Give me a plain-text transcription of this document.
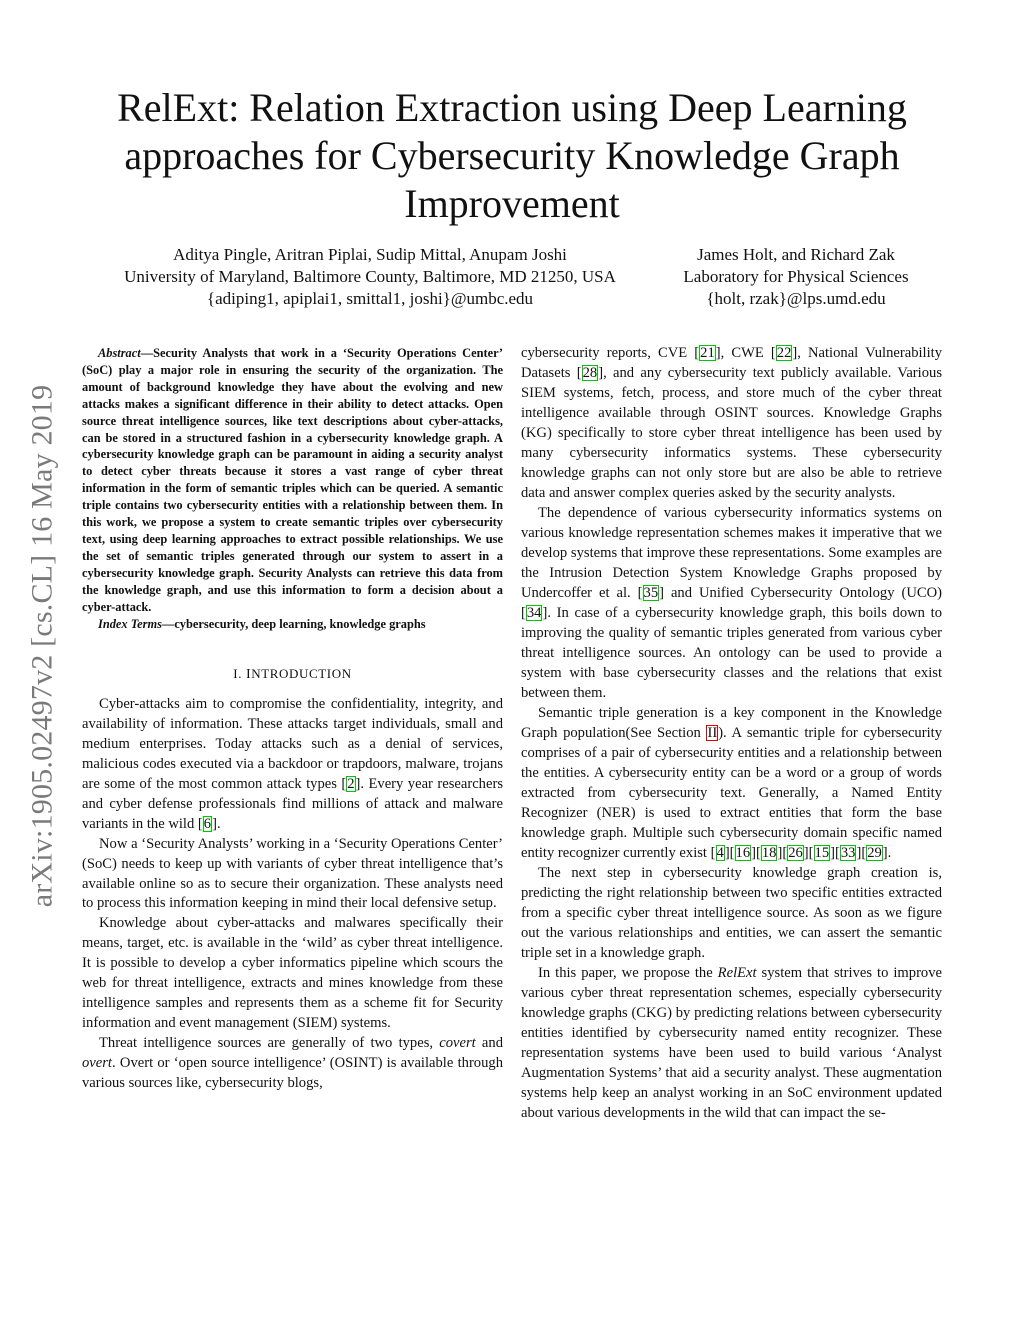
arXiv:1905.02497v2 [cs.CL] 16 May 2019
RelExt: Relation Extraction using Deep Learning approaches for Cybersecurity Knowledge Graph Improvement
Aditya Pingle, Aritran Piplai, Sudip Mittal, Anupam Joshi
University of Maryland, Baltimore County, Baltimore, MD 21250, USA
{adiping1, apiplai1, smittal1, joshi}@umbc.edu
James Holt, and Richard Zak
Laboratory for Physical Sciences
{holt, rzak}@lps.umd.edu

Abstract—Security Analysts that work in a ‘Security Operations Center’ (SoC) play a major role in ensuring the security of the organization. The amount of background knowledge they have about the evolving and new attacks makes a significant difference in their ability to detect attacks. Open source threat intelligence sources, like text descriptions about cyber-attacks, can be stored in a structured fashion in a cybersecurity knowledge graph. A cybersecurity knowledge graph can be paramount in aiding a security analyst to detect cyber threats because it stores a vast range of cyber threat information in the form of semantic triples which can be queried. A semantic triple contains two cybersecurity entities with a relationship between them. In this work, we propose a system to create semantic triples over cybersecurity text, using deep learning approaches to extract possible relationships. We use the set of semantic triples generated through our system to assert in a cybersecurity knowledge graph. Security Analysts can retrieve this data from the knowledge graph, and use this information to form a decision about a cyber-attack.

Index Terms—cybersecurity, deep learning, knowledge graphs

I. INTRODUCTION

Cyber-attacks aim to compromise the confidentiality, integrity, and availability of information. These attacks target individuals, small and medium enterprises. Today attacks such as a denial of services, malicious codes executed via a backdoor or trapdoors, malware, trojans are some of the most common attack types [2]. Every year researchers and cyber defense professionals find millions of attack and malware variants in the wild [6].

Now a ‘Security Analysts’ working in a ‘Security Operations Center’ (SoC) needs to keep up with variants of cyber threat intelligence that’s available online so as to secure their organization. These analysts need to process this information keeping in mind their local defensive setup.

Knowledge about cyber-attacks and malwares specifically their means, target, etc. is available in the ‘wild’ as cyber threat intelligence. It is possible to develop a cyber informatics pipeline which scours the web for threat intelligence, extracts and mines knowledge from these intelligence samples and represents them as a scheme fit for Security information and event management (SIEM) systems.

Threat intelligence sources are generally of two types, covert and overt. Overt or ‘open source intelligence’ (OSINT) is available through various sources like, cybersecurity blogs,

cybersecurity reports, CVE [21], CWE [22], National Vulnerability Datasets [28], and any cybersecurity text publicly available. Various SIEM systems, fetch, process, and store much of the cyber threat intelligence available through OSINT sources. Knowledge Graphs (KG) specifically to store cyber threat intelligence has been used by many cybersecurity informatics systems. These cybersecurity knowledge graphs can not only store but are also be able to retrieve data and answer complex queries asked by the security analysts.

The dependence of various cybersecurity informatics systems on various knowledge representation schemes makes it imperative that we develop systems that improve these representations. Some examples are the Intrusion Detection System Knowledge Graphs proposed by Undercoffer et al. [35] and Unified Cybersecurity Ontology (UCO) [34]. In case of a cybersecurity knowledge graph, this boils down to improving the quality of semantic triples generated from various cyber threat intelligence sources. An ontology can be used to provide a system with base cybersecurity classes and the relations that exist between them.

Semantic triple generation is a key component in the Knowledge Graph population(See Section II). A semantic triple for cybersecurity comprises of a pair of cybersecurity entities and a relationship between the entities. A cybersecurity entity can be a word or a group of words extracted from cybersecurity text. Generally, a Named Entity Recognizer (NER) is used to extract entities that form the base knowledge graph. Multiple such cybersecurity domain specific named entity recognizer currently exist [4][16][18][26][15][33][29].

The next step in cybersecurity knowledge graph creation is, predicting the right relationship between two specific entities extracted from a specific cyber threat intelligence source. As soon as we figure out the various relationships and entities, we can assert the semantic triple set in a knowledge graph.

In this paper, we propose the RelExt system that strives to improve various cyber threat representation schemes, especially cybersecurity knowledge graphs (CKG) by predicting relations between cybersecurity entities identified by cybersecurity named entity recognizer. These representation systems have been used to build various ‘Analyst Augmentation Systems’ that aid a security analyst. These augmentation systems help keep an analyst working in an SoC environment updated about various developments in the wild that can impact the se-
